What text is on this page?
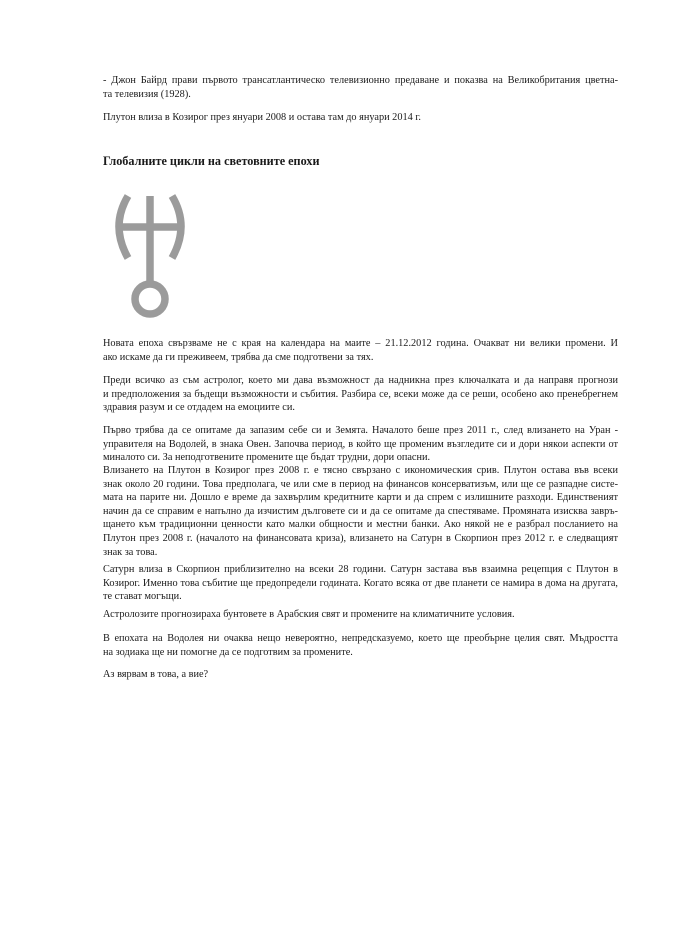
- Джон Байрд прави първото трансатлантическо телевизионно предаване и показва на Великобритания цветна-
та телевизия (1928).
Плутон влиза в Козирог през януари 2008 и остава там до януари 2014 г.
Глобалните цикли на световните епохи
Новата епоха свързваме не с края на календара на маите – 21.12.2012 година. Очакват ни велики промени. И
ако искаме да ги преживеем, трябва да сме подготвени за тях.
Преди всичко аз съм астролог, което ми дава възможност да надникна през ключалката и да направя прогнози
и предположения за бъдещи възможности и събития. Разбира се, всеки може да се реши, особено ако пренебрегнем
здравия разум и се отдадем на емоциите си.
Първо трябва да се опитаме да запазим себе си и Земята. Началото беше през 2011 г., след влизането на Уран -
управителя на Водолей, в знака Овен. Започва период, в който ще променим възгледите си и дори някои аспекти от
миналото си. За неподготвените промените ще бъдат трудни, дори опасни.
Влизането на Плутон в Козирог през 2008 г. е тясно свързано с икономическия срив. Плутон остава във всеки
знак около 20 години. Това предполага, че или сме в период на финансов консерватизъм, или ще се разпадне систе-
мата на парите ни. Дошло е време да захвърлим кредитните карти и да спрем с излишните разходи. Единственият
начин да се справим е напълно да изчистим дълговете си и да се опитаме да спестяваме. Промяната изисква завръ-
щането към традиционни ценности като малки общности и местни банки. Ако някой не е разбрал посланието на
Плутон през 2008 г. (началото на финансовата криза), влизането на Сатурн в Скорпион през 2012 г. е следващият
знак за това.
Сатурн влиза в Скорпион приблизително на всеки 28 години. Сатурн застава във взаимна рецепция с Плутон в
Козирог. Именно това събитие ще предопредели годината. Когато всяка от две планети се намира в дома на другата,
те стават могъщи.
Астролозите прогнозираха бунтовете в Арабския свят и промените на климатичните условия.
В епохата на Водолея ни очаква нещо невероятно, непредсказуемо, което ще преобърне целия свят. Мъдростта
на зодиака ще ни помогне да се подготвим за промените.
Аз вярвам в това, а вие?
